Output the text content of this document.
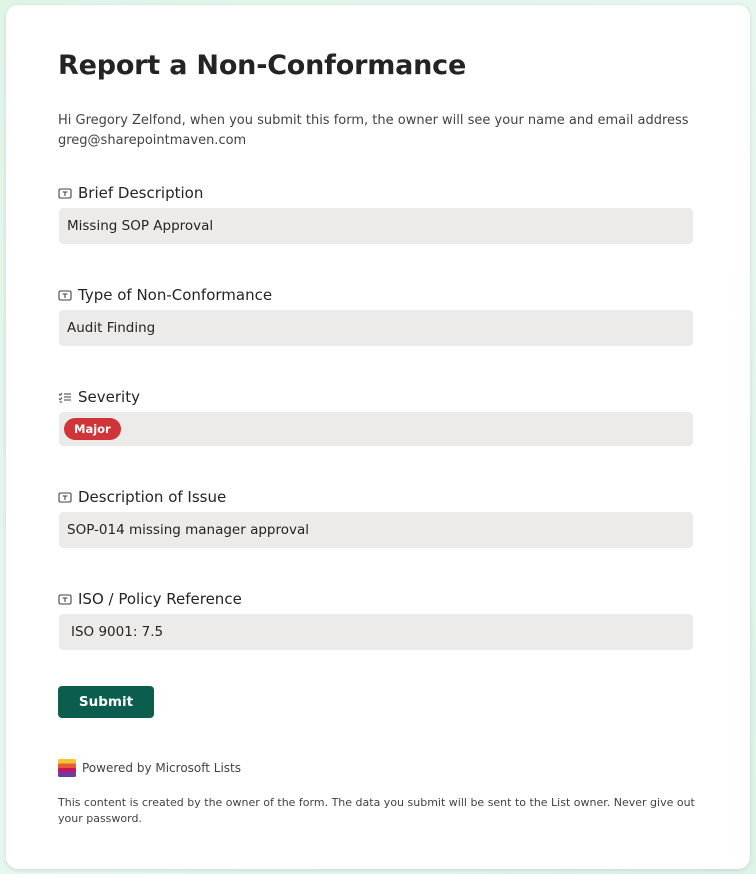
Report a Non-Conformance
Hi Gregory Zelfond, when you submit this form, the owner will see your name and email address greg@sharepointmaven.com
Brief Description
Missing SOP Approval
Type of Non-Conformance
Audit Finding
Severity
Major
Description of Issue
SOP-014 missing manager approval
ISO / Policy Reference
ISO 9001: 7.5
Submit
Powered by Microsoft Lists
This content is created by the owner of the form. The data you submit will be sent to the List owner. Never give out your password.
